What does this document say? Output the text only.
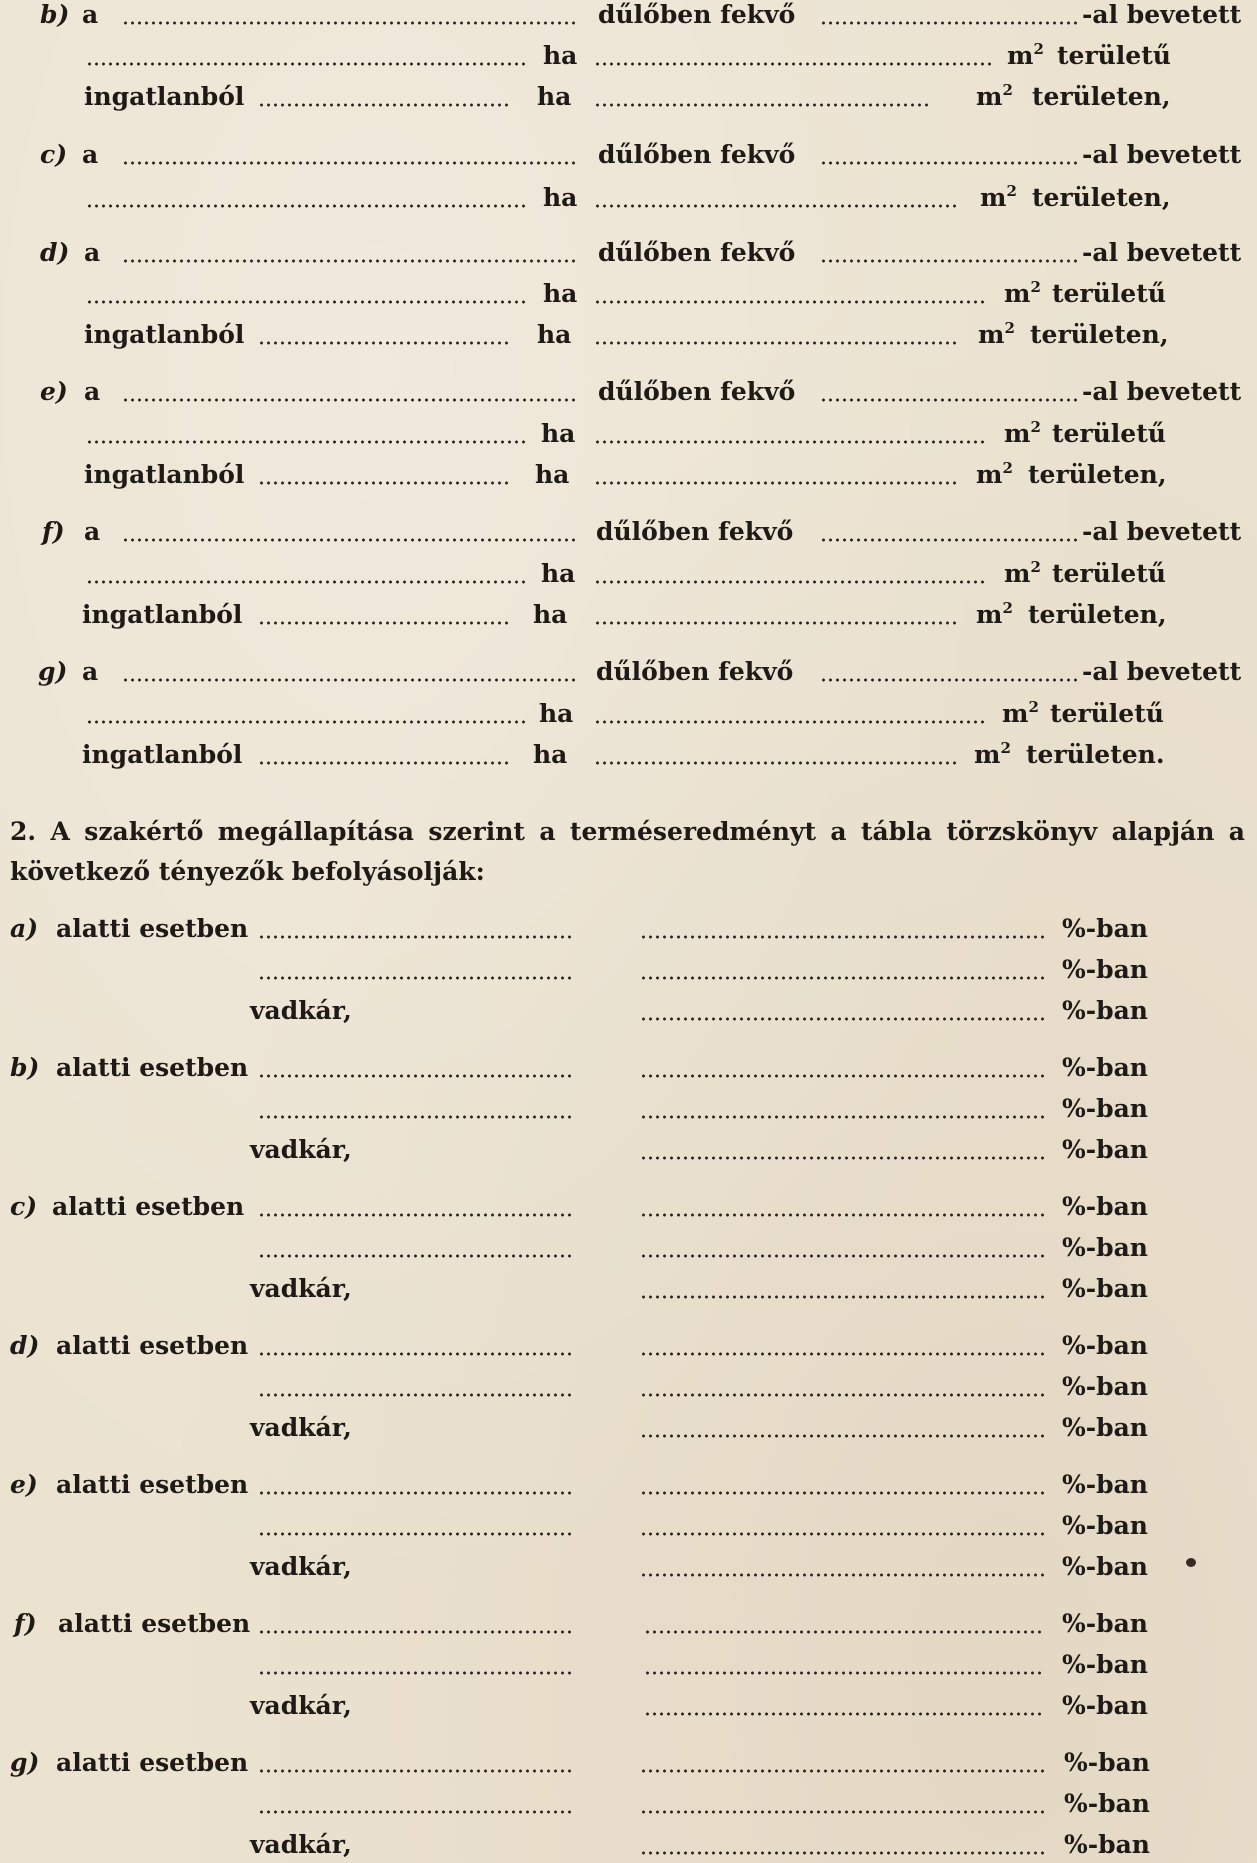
b) a	dűlőben fekvő	-al bevetett
ha	$m^2$ területű
ingatlanból	ha	$m^2$ területen,
c) a	dűlőben fekvő	-al bevetett
ha	$m^2$ területen,
d) a	dűlőben fekvő	-al bevetett
ha	$m^2$ területű
ingatlanból	ha	$m^2$ területen,
e) a	dűlőben fekvő	-al bevetett
ha	$m^2$ területű
ingatlanból	ha	$m^2$ területen,
f) a	dűlőben fekvő	-al bevetett
ha	$m^2$ területű
ingatlanból	ha	$m^2$ területen,
g) a	dűlőben fekvő	-al bevetett
ha	$m^2$ területű
ingatlanból	ha	$m^2$ területen.
2. A szakértő megállapítása szerint a terméseredményt a tábla törzskönyv alapján a következő tényezők befolyásolják:
a) alatti esetben	%-ban
%-ban
vadkár,	%-ban
b) alatti esetben	%-ban
%-ban
vadkár,	%-ban
c) alatti esetben	%-ban
%-ban
vadkár,	%-ban
d) alatti esetben	%-ban
%-ban
vadkár,	%-ban
e) alatti esetben	%-ban
%-ban
vadkár,	%-ban
f) alatti esetben	%-ban
%-ban
vadkár,	%-ban
g) alatti esetben	%-ban
%-ban
vadkár,	%-ban
